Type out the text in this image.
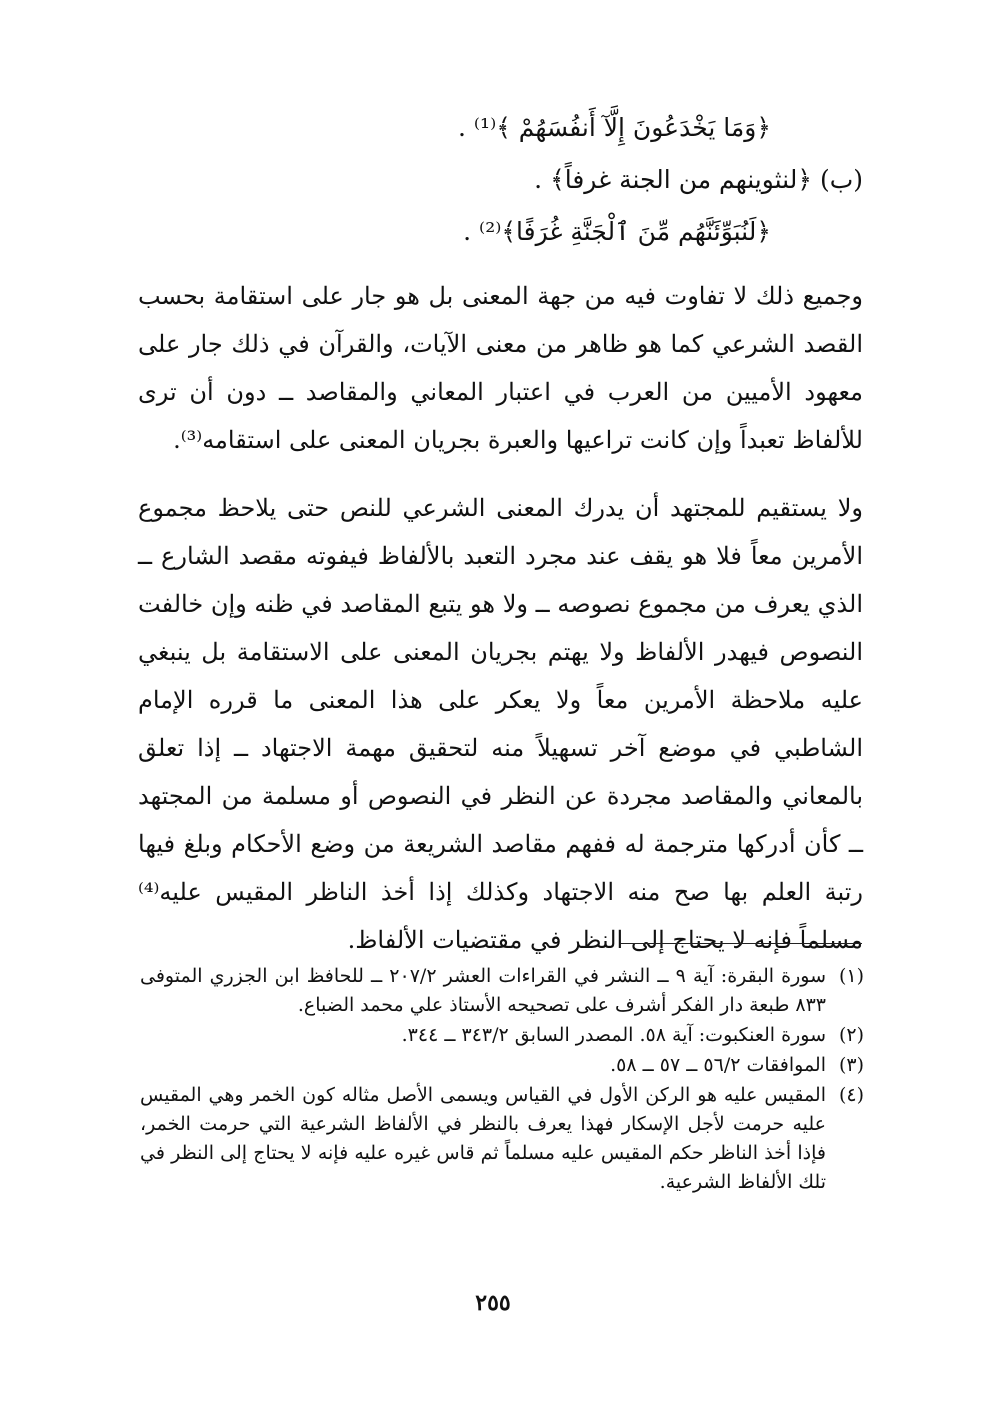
﴿وَمَا يَخْدَعُونَ إِلَّآ أَنفُسَهُمْ ﴾⁽¹⁾ .
(ب) ﴿لنثوينهم من الجنة غرفاً﴾ .
﴿لَنُبَوِّئَنَّهُم مِّنَ ٱلْجَنَّةِ غُرَفًا﴾⁽²⁾ .

وجميع ذلك لا تفاوت فيه من جهة المعنى بل هو جار على استقامة بحسب القصد الشرعي كما هو ظاهر من معنى الآيات، والقرآن في ذلك جار على معهود الأميين من العرب في اعتبار المعاني والمقاصد ــ دون أن ترى للألفاظ تعبداً وإن كانت تراعيها والعبرة بجريان المعنى على استقامه⁽³⁾.

ولا يستقيم للمجتهد أن يدرك المعنى الشرعي للنص حتى يلاحظ مجموع الأمرين معاً فلا هو يقف عند مجرد التعبد بالألفاظ فيفوته مقصد الشارع ــ الذي يعرف من مجموع نصوصه ــ ولا هو يتبع المقاصد في ظنه وإن خالفت النصوص فيهدر الألفاظ ولا يهتم بجريان المعنى على الاستقامة بل ينبغي عليه ملاحظة الأمرين معاً ولا يعكر على هذا المعنى ما قرره الإمام الشاطبي في موضع آخر تسهيلاً منه لتحقيق مهمة الاجتهاد ــ إذا تعلق بالمعاني والمقاصد مجردة عن النظر في النصوص أو مسلمة من المجتهد ــ كأن أدركها مترجمة له ففهم مقاصد الشريعة من وضع الأحكام وبلغ فيها رتبة العلم بها صح منه الاجتهاد وكذلك إذا أخذ الناظر المقيس عليه⁽⁴⁾ مسلماً فإنه لا يحتاج إلى النظر في مقتضيات الألفاظ.

(١)
سورة البقرة: آية ٩ ــ النشر في القراءات العشر ٢٠٧/٢ ــ للحافظ ابن الجزري المتوفى ٨٣٣ طبعة دار الفكر أشرف على تصحيحه الأستاذ علي محمد الضباع.
(٢)
سورة العنكبوت: آية ٥٨. المصدر السابق ٣٤٣/٢ ــ ٣٤٤.
(٣)
الموافقات ٥٦/٢ ــ ٥٧ ــ ٥٨.
(٤)
المقيس عليه هو الركن الأول في القياس ويسمى الأصل مثاله كون الخمر وهي المقيس عليه حرمت لأجل الإسكار فهذا يعرف بالنظر في الألفاظ الشرعية التي حرمت الخمر، فإذا أخذ الناظر حكم المقيس عليه مسلماً ثم قاس غيره عليه فإنه لا يحتاج إلى النظر في تلك الألفاظ الشرعية.
٢٥٥
